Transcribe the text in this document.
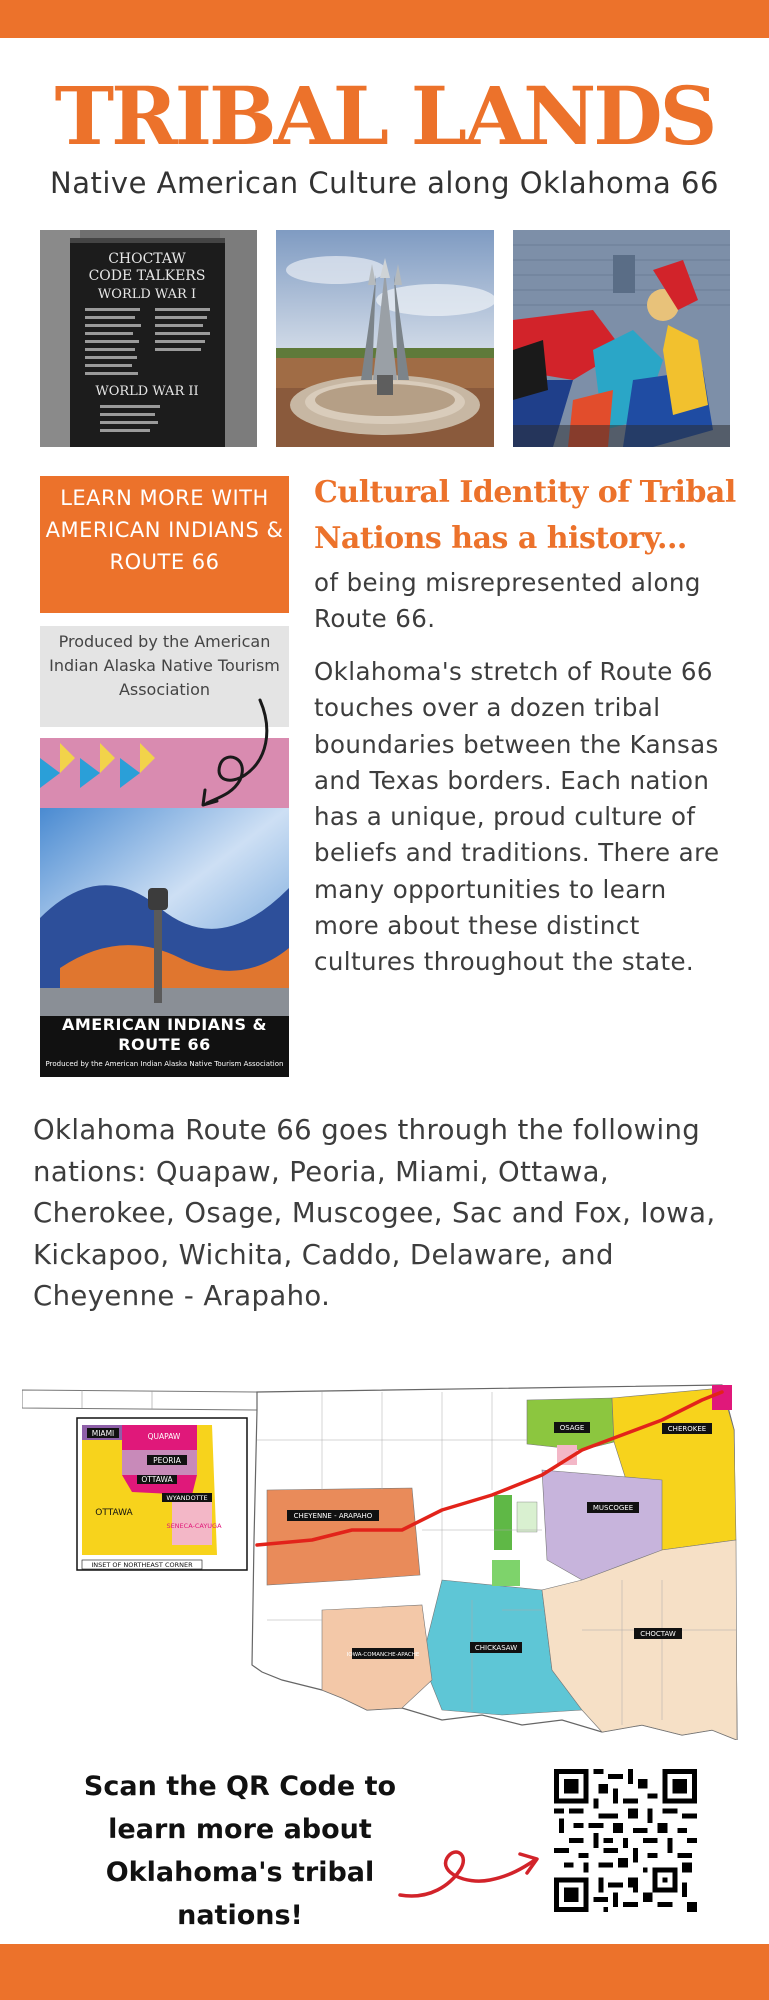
TRIBAL LANDS
Native American Culture along Oklahoma 66
CHOCTAW
CODE TALKERS
WORLD WAR I
WORLD WAR II
LEARN MORE WITH AMERICAN INDIANS & ROUTE 66
Produced by the American Indian Alaska Native Tourism Association
AMERICAN INDIANS & ROUTE 66
Produced by the American Indian Alaska Native Tourism Association
Cultural Identity of Tribal Nations has a history...

of being misrepresented along Route 66.

Oklahoma's stretch of Route 66 touches over a dozen tribal boundaries between the Kansas and Texas borders. Each nation has a unique, proud culture of beliefs and traditions. There are many opportunities to learn more about these distinct cultures throughout the state.

Oklahoma Route 66 goes through the following nations: Quapaw, Peoria, Miami, Ottawa, Cherokee, Osage, Muscogee, Sac and Fox, Iowa, Kickapoo, Wichita, Caddo, Delaware, and Cheyenne - Arapaho.

CHEYENNE - ARAPAHO
OSAGE	CHEROKEE
MUSCOGEE
CHICKASAW
CHOCTAW
IOWA-COMANCHE-APACHE
MIAMI	QUAPAW
PEORIA
OTTAWA
WYANDOTTE
OTTAWA
SENECA-CAYUGA
INSET OF NORTHEAST CORNER

Scan the QR Code to learn more about Oklahoma's tribal nations!
